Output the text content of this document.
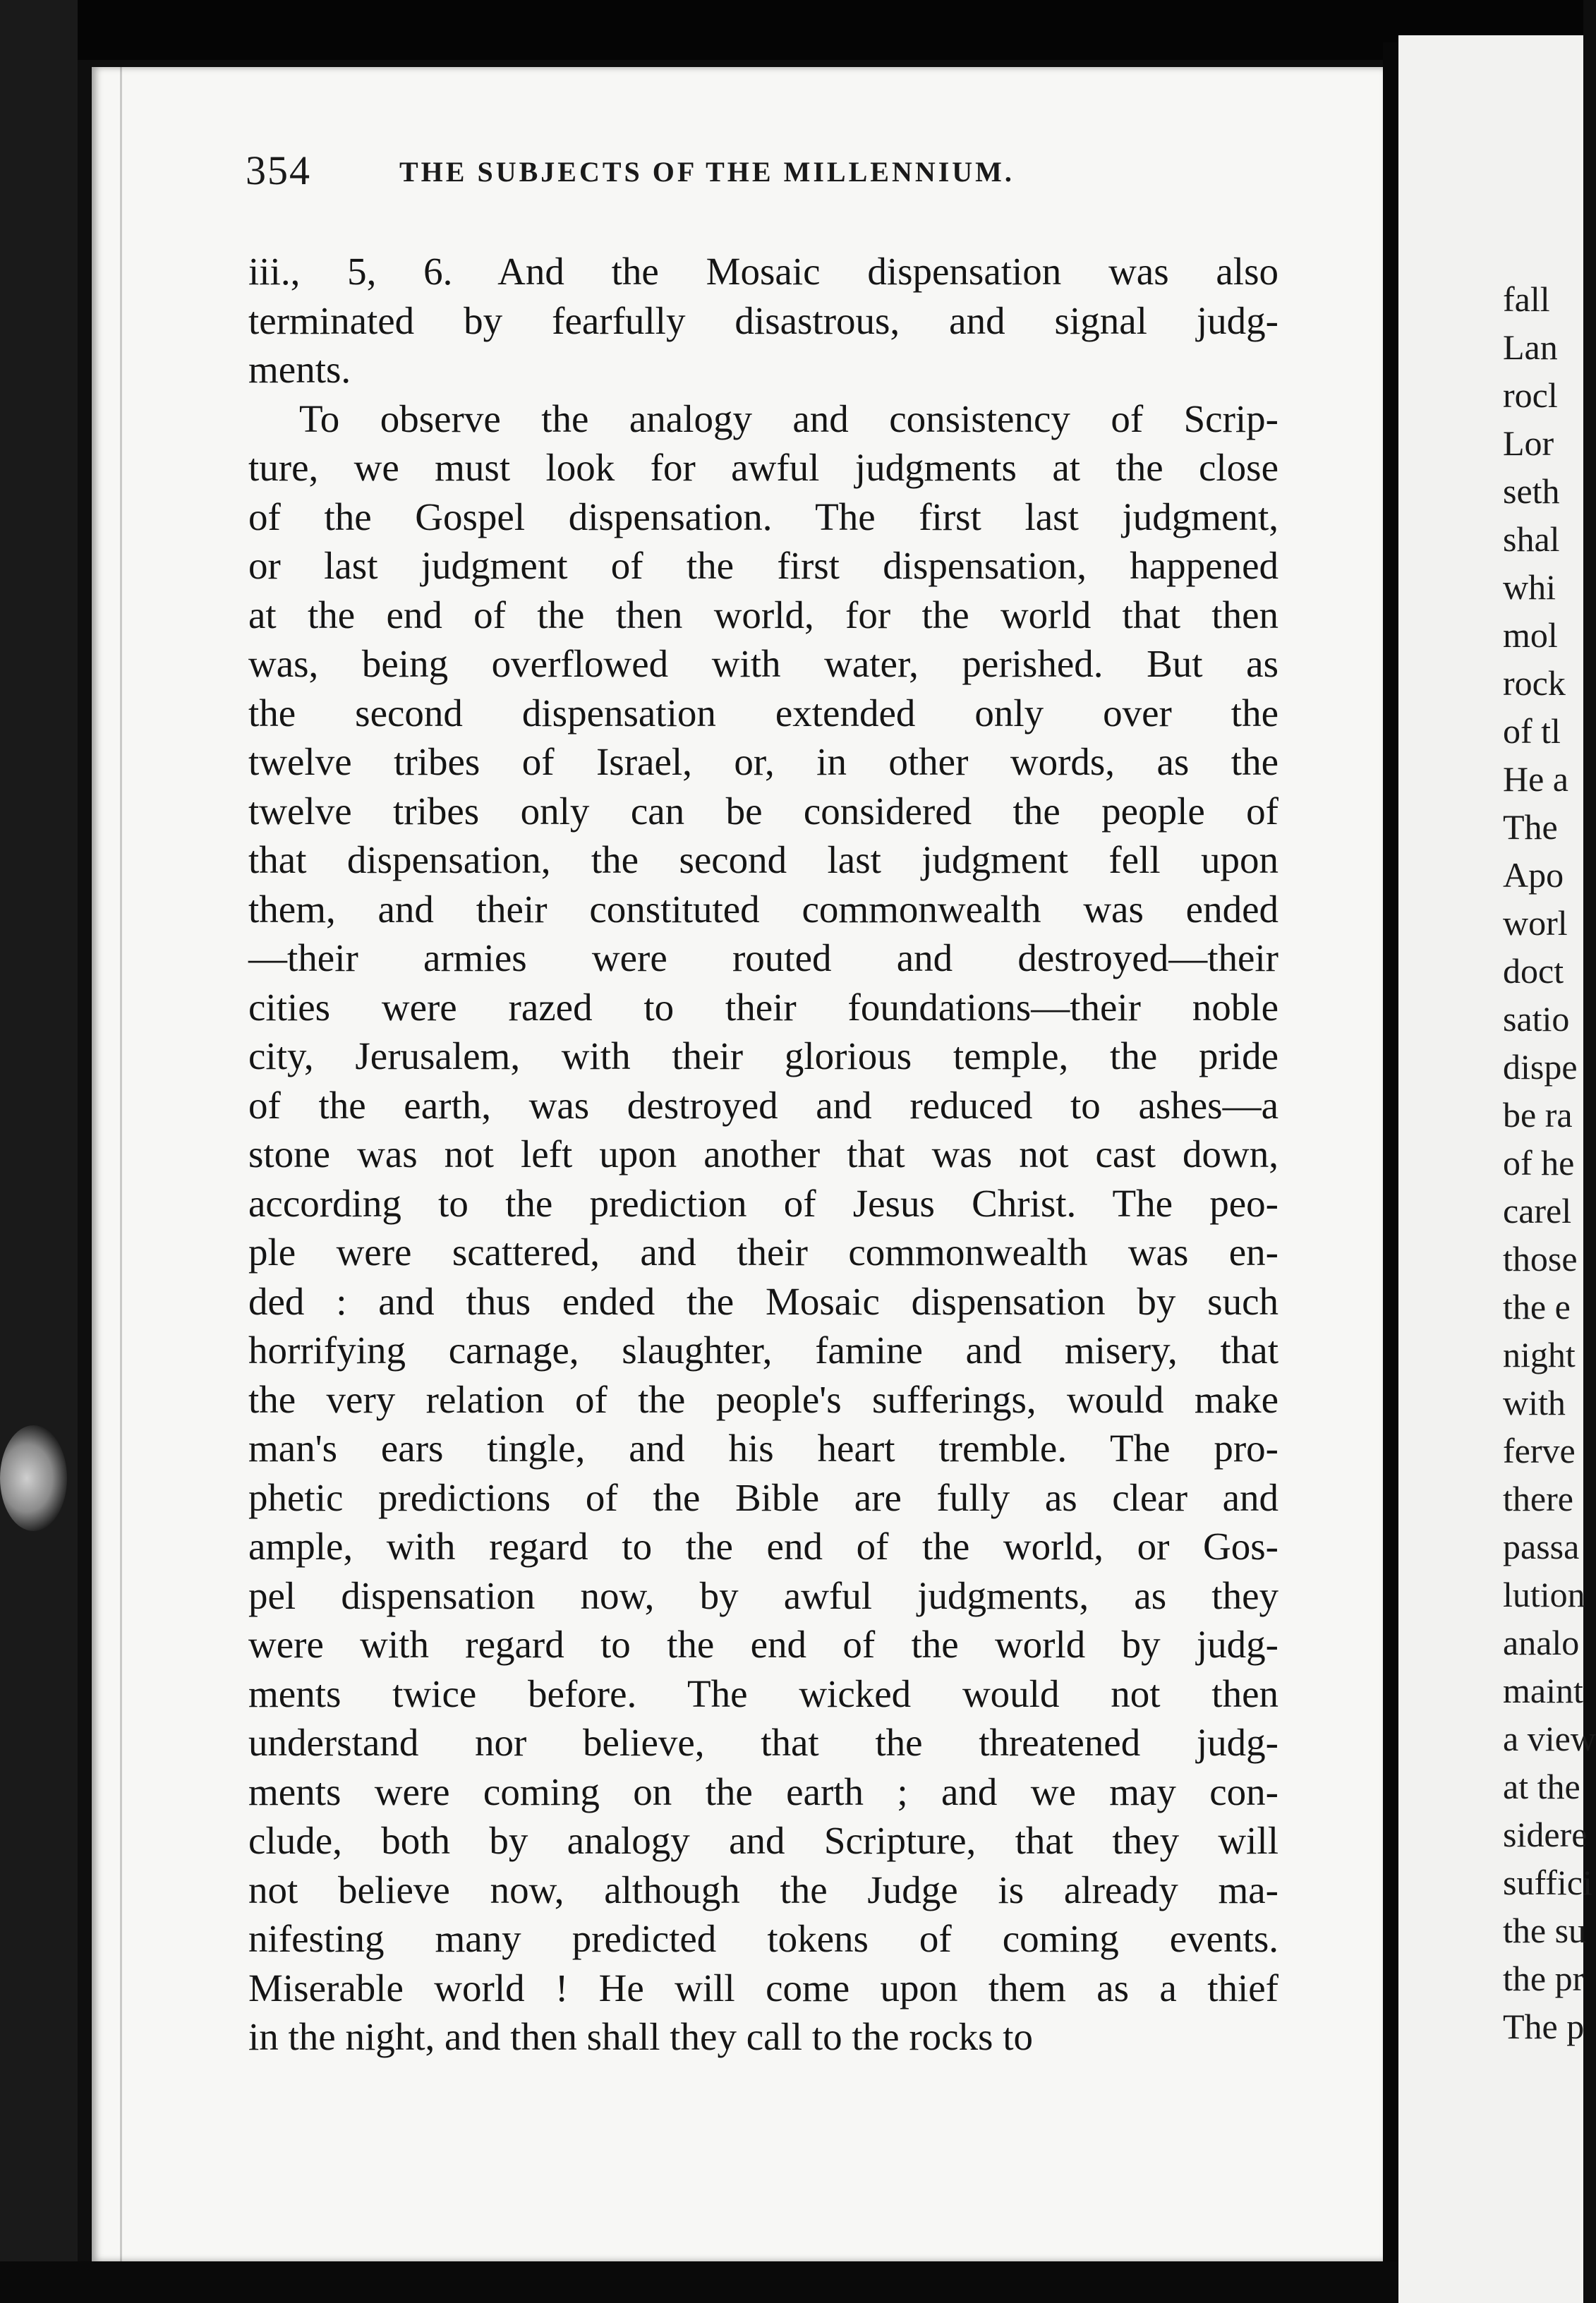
354	THE SUBJECTS OF THE MILLENNIUM.
iii., 5, 6. And the Mosaic dispensation was also
terminated by fearfully disastrous, and signal judg-
ments.
To observe the analogy and consistency of Scrip-
ture, we must look for awful judgments at the close
of the Gospel dispensation. The first last judgment,
or last judgment of the first dispensation, happened
at the end of the then world, for the world that then
was, being overflowed with water, perished. But as
the second dispensation extended only over the
twelve tribes of Israel, or, in other words, as the
twelve tribes only can be considered the people of
that dispensation, the second last judgment fell upon
them, and their constituted commonwealth was ended
—their armies were routed and destroyed—their
cities were razed to their foundations—their noble
city, Jerusalem, with their glorious temple, the pride
of the earth, was destroyed and reduced to ashes—a
stone was not left upon another that was not cast down,
according to the prediction of Jesus Christ. The peo-
ple were scattered, and their commonwealth was en-
ded : and thus ended the Mosaic dispensation by such
horrifying carnage, slaughter, famine and misery, that
the very relation of the people's sufferings, would make
man's ears tingle, and his heart tremble. The pro-
phetic predictions of the Bible are fully as clear and
ample, with regard to the end of the world, or Gos-
pel dispensation now, by awful judgments, as they
were with regard to the end of the world by judg-
ments twice before. The wicked would not then
understand nor believe, that the threatened judg-
ments were coming on the earth ; and we may con-
clude, both by analogy and Scripture, that they will
not believe now, although the Judge is already ma-
nifesting many predicted tokens of coming events.
Miserable world ! He will come upon them as a thief
in the night, and then shall they call to the rocks to
fall
Lan
rocl
Lor
seth
shal
whi
mol
rock
of tl
He a
The
Apo
worl
doct
satio
dispe
be ra
of he
carel
those
the e
night
with
ferve
there
passa
lution
analo
maint
a view
at the
sidere
suffici
the su
the pr
The p
